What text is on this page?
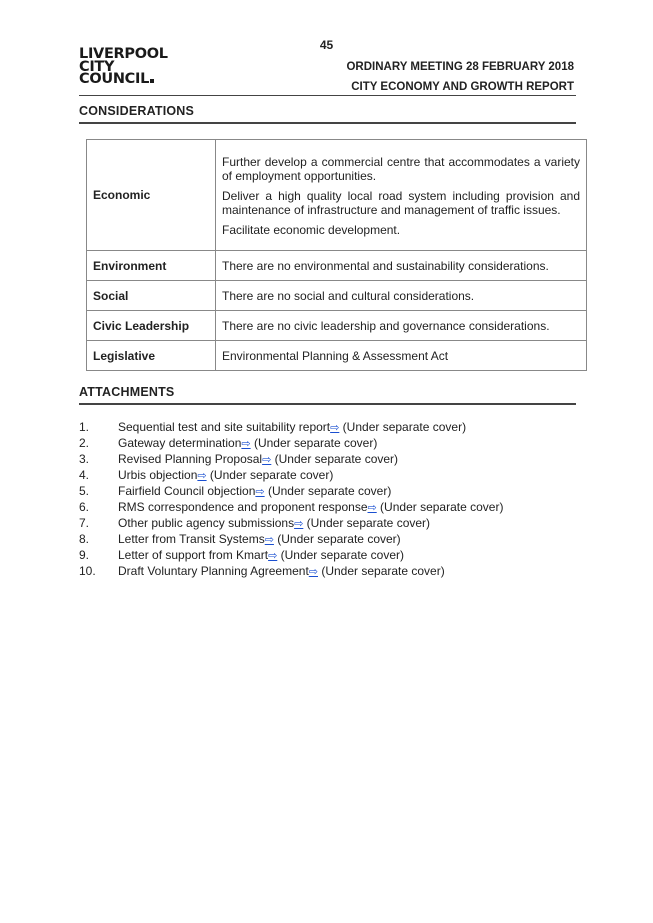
45
LIVERPOOL
CITY
COUNCIL
ORDINARY MEETING 28 FEBRUARY 2018
CITY ECONOMY AND GROWTH REPORT
CONSIDERATIONS
Economic	Further develop a commercial centre that accommodates a variety of employment opportunities.

Deliver a high quality local road system including provision and maintenance of infrastructure and management of traffic issues.

Facilitate economic development.

Environment	There are no environmental and sustainability considerations.

Social	There are no social and cultural considerations.

Civic Leadership	There are no civic leadership and governance considerations.

Legislative	Environmental Planning & Assessment Act

ATTACHMENTS
1. Sequential test and site suitability report⇨ (Under separate cover)
2. Gateway determination⇨ (Under separate cover)
3. Revised Planning Proposal⇨ (Under separate cover)
4. Urbis objection⇨ (Under separate cover)
5. Fairfield Council objection⇨ (Under separate cover)
6. RMS correspondence and proponent response⇨ (Under separate cover)
7. Other public agency submissions⇨ (Under separate cover)
8. Letter from Transit Systems⇨ (Under separate cover)
9. Letter of support from Kmart⇨ (Under separate cover)
10. Draft Voluntary Planning Agreement⇨ (Under separate cover)
